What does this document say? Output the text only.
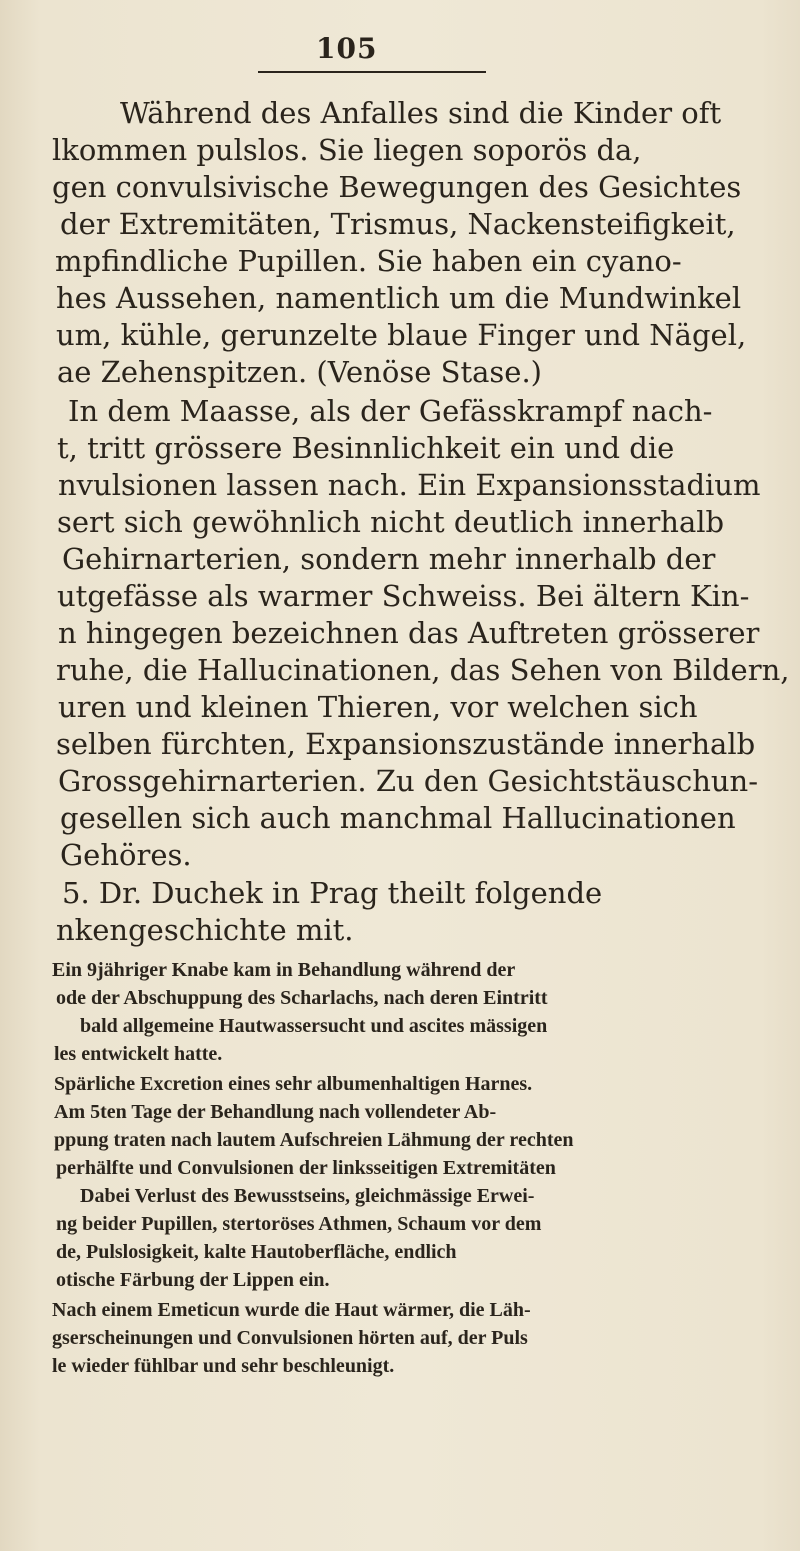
105
Während des Anfalles sind die Kinder oft
lkommen pulslos. Sie liegen soporös da,
gen convulsivische Bewegungen des Gesichtes
der Extremitäten, Trismus, Nackensteifigkeit,
mpfindliche Pupillen. Sie haben ein cyano-
hes Aussehen, namentlich um die Mundwinkel
um, kühle, gerunzelte blaue Finger und Nägel,
ae Zehenspitzen. (Venöse Stase.)
In dem Maasse, als der Gefässkrampf nach-
t, tritt grössere Besinnlichkeit ein und die
nvulsionen lassen nach. Ein Expansionsstadium
sert sich gewöhnlich nicht deutlich innerhalb
Gehirnarterien, sondern mehr innerhalb der
utgefässe als warmer Schweiss. Bei ältern Kin-
n hingegen bezeichnen das Auftreten grösserer
ruhe, die Hallucinationen, das Sehen von Bildern,
uren und kleinen Thieren, vor welchen sich
selben fürchten, Expansionszustände innerhalb
Grossgehirnarterien. Zu den Gesichtstäuschun-
gesellen sich auch manchmal Hallucinationen
Gehöres.
5. Dr. Duchek in Prag theilt folgende
nkengeschichte mit.
Ein 9jähriger Knabe kam in Behandlung während der
ode der Abschuppung des Scharlachs, nach deren Eintritt
bald allgemeine Hautwassersucht und ascites mässigen
les entwickelt hatte.
Spärliche Excretion eines sehr albumenhaltigen Harnes.
Am 5ten Tage der Behandlung nach vollendeter Ab-
ppung traten nach lautem Aufschreien Lähmung der rechten
perhälfte und Convulsionen der linksseitigen Extremitäten
Dabei Verlust des Bewusstseins, gleichmässige Erwei-
ng beider Pupillen, stertoröses Athmen, Schaum vor dem
de, Pulslosigkeit, kalte Hautoberfläche, endlich
otische Färbung der Lippen ein.
Nach einem Emeticun wurde die Haut wärmer, die Läh-
gserscheinungen und Convulsionen hörten auf, der Puls
le wieder fühlbar und sehr beschleunigt.
